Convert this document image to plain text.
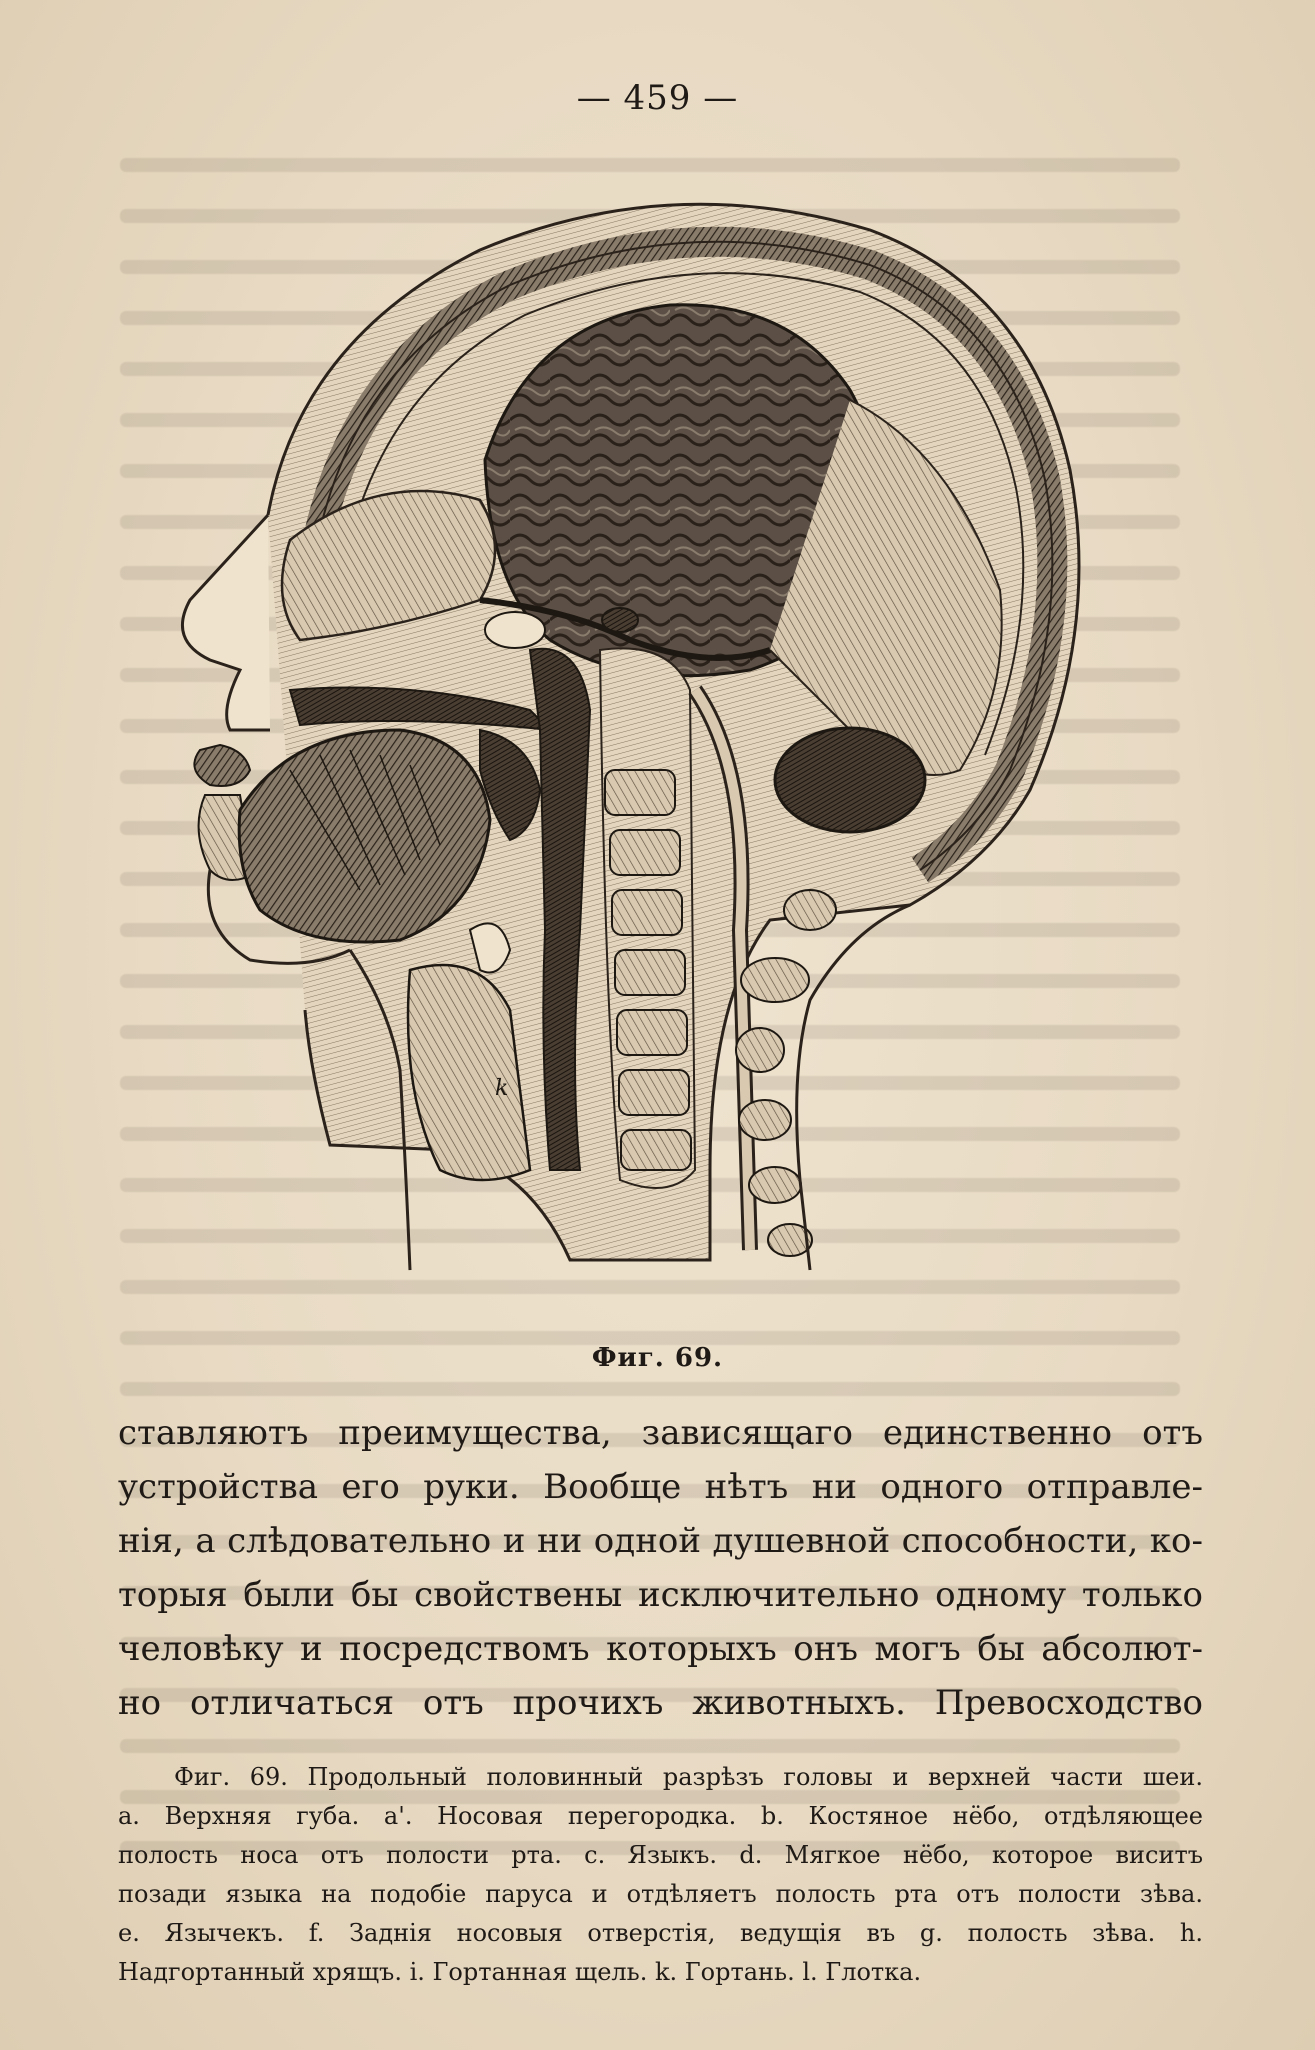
— 459 —
k
Фиг. 69.
ставляютъ преимущества, зависящаго единственно отъ
устройства его руки. Вообще нѣтъ ни одного отправле-
нія, а слѣдовательно и ни одной душевной способности, ко-
торыя были бы свойствены исключительно одному только
человѣку и посредствомъ которыхъ онъ могъ бы абсолют-
но отличаться отъ прочихъ животныхъ. Превосходство
Фиг. 69. Продольный половинный разрѣзъ головы и верхней части шеи.
a. Верхняя губа. a'. Носовая перегородка. b. Костяное нёбо, отдѣляющее
полость носа отъ полости рта. c. Языкъ. d. Мягкое нёбо, которое виситъ
позади языка на подобіе паруса и отдѣляетъ полость рта отъ полости зѣва.
e. Язычекъ. f. Заднія носовыя отверстія, ведущія въ g. полость зѣва. h.
Надгортанный хрящъ. i. Гортанная щель. k. Гортань. l. Глотка.
